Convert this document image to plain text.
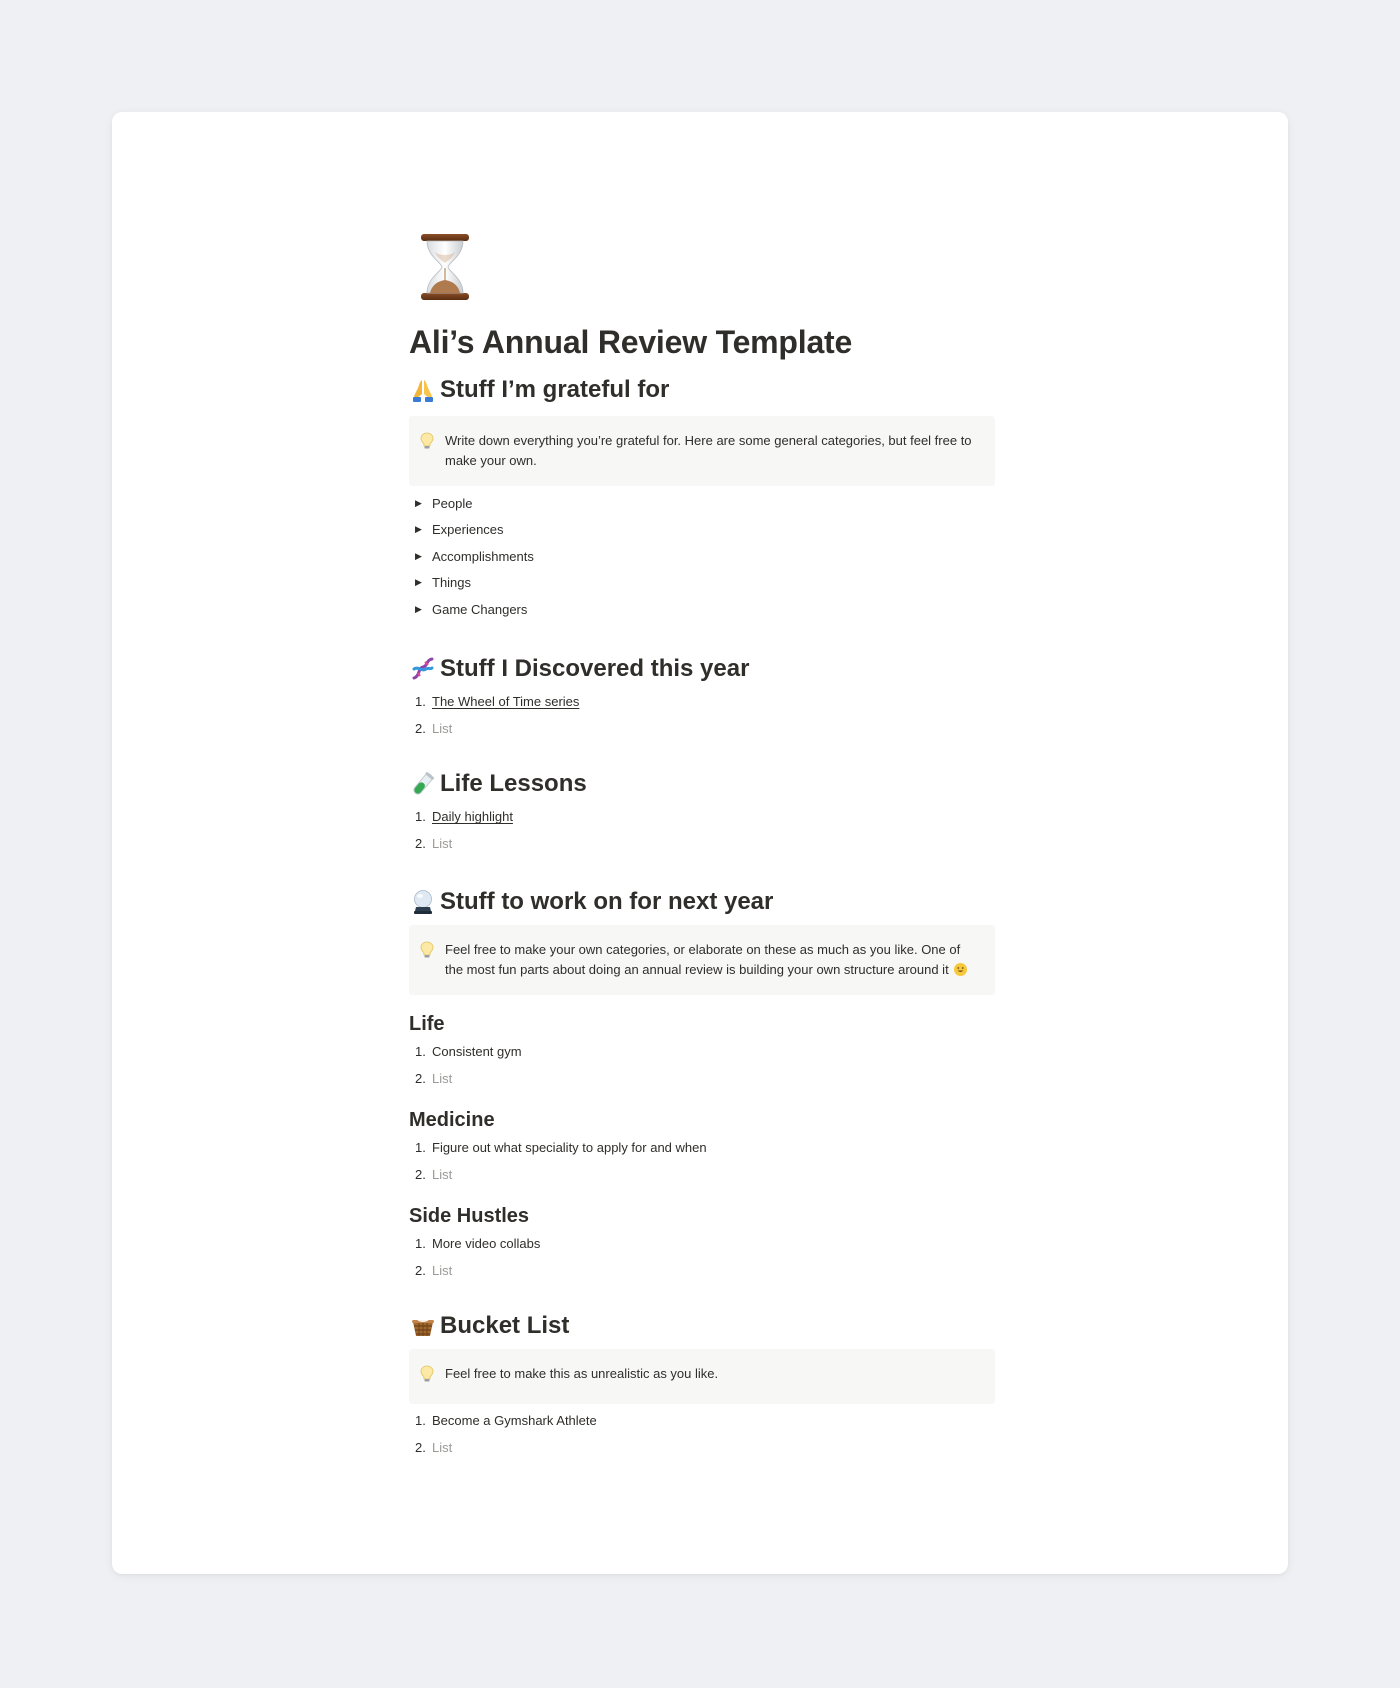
Ali’s Annual Review Template
Stuff I’m grateful for
Write down everything you’re grateful for. Here are some general categories, but feel free to make your own.
▶ People
▶ Experiences
▶ Accomplishments
▶ Things
▶ Game Changers
Stuff I Discovered this year
1. The Wheel of Time series
2. List
Life Lessons
1. Daily highlight
2. List
Stuff to work on for next year
Feel free to make your own categories, or elaborate on these as much as you like. One of the most fun parts about doing an annual review is building your own structure around it
Life
1. Consistent gym
2. List
Medicine
1. Figure out what speciality to apply for and when
2. List
Side Hustles
1. More video collabs
2. List
Bucket List
Feel free to make this as unrealistic as you like.
1. Become a Gymshark Athlete
2. List
